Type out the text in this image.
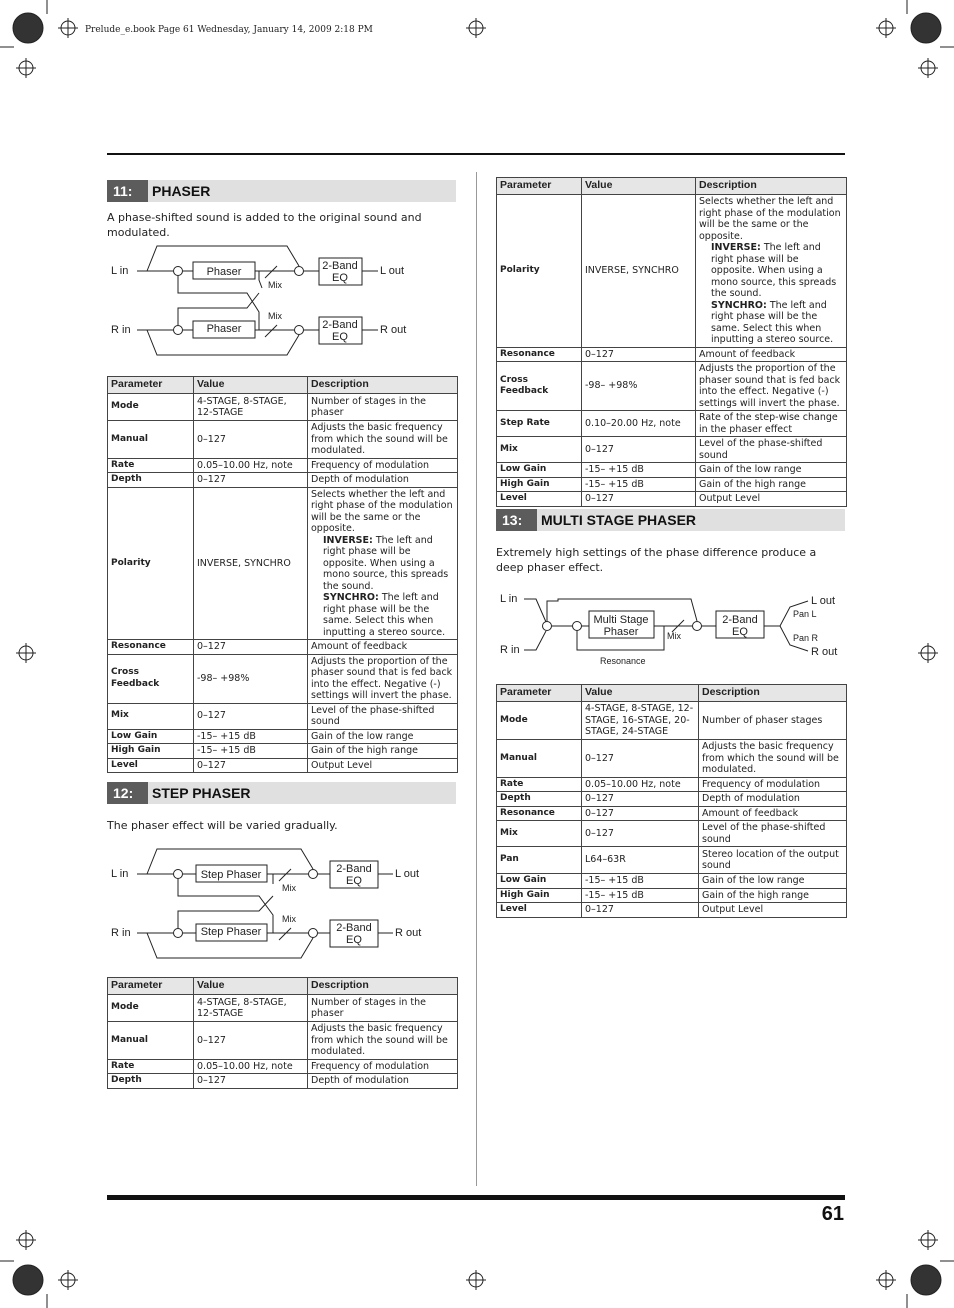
Prelude_e.book Page 61 Wednesday, January 14, 2009 2:18 PM
11:	PHASER
A phase-shifted sound is added to the original sound and modulated.
L in
R in
L out
R out
Phaser
Phaser
2-Band
EQ
2-Band
EQ
Mix
Mix
Parameter	Value	Description
Mode	4-STAGE, 8-STAGE, 12-STAGE	Number of stages in the phaser
Manual	0–127	Adjusts the basic frequency from which the sound will be modulated.
Rate	0.05–10.00 Hz, note	Frequency of modulation
Depth	0–127	Depth of modulation
Polarity	INVERSE, SYNCHRO	Selects whether the left and right phase of the modulation will be the same or the opposite.
INVERSE: The left and right phase will be opposite. When using a mono source, this spreads the sound.
SYNCHRO: The left and right phase will be the same. Select this when inputting a stereo source.

Resonance	0–127	Amount of feedback
Cross Feedback	-98– +98%	Adjusts the proportion of the phaser sound that is fed back into the effect. Negative (-) settings will invert the phase.
Mix	0–127	Level of the phase-shifted sound
Low Gain	-15– +15 dB	Gain of the low range
High Gain	-15– +15 dB	Gain of the high range
Level	0–127	Output Level
12:	STEP PHASER
The phaser effect will be varied gradually.
L in
R in
L out
R out
Step Phaser
Step Phaser
2-Band
EQ
2-Band
EQ
Mix
Mix
Parameter	Value	Description
Mode	4-STAGE, 8-STAGE, 12-STAGE	Number of stages in the phaser
Manual	0–127	Adjusts the basic frequency from which the sound will be modulated.
Rate	0.05–10.00 Hz, note	Frequency of modulation
Depth	0–127	Depth of modulation
Parameter	Value	Description
Polarity	INVERSE, SYNCHRO	Selects whether the left and right phase of the modulation will be the same or the opposite.
INVERSE: The left and right phase will be opposite. When using a mono source, this spreads the sound.
SYNCHRO: The left and right phase will be the same. Select this when inputting a stereo source.

Resonance	0–127	Amount of feedback
Cross Feedback	-98– +98%	Adjusts the proportion of the phaser sound that is fed back into the effect. Negative (-) settings will invert the phase.
Step Rate	0.10–20.00 Hz, note	Rate of the step-wise change in the phaser effect
Mix	0–127	Level of the phase-shifted sound
Low Gain	-15– +15 dB	Gain of the low range
High Gain	-15– +15 dB	Gain of the high range
Level	0–127	Output Level
13:	MULTI STAGE PHASER
Extremely high settings of the phase difference produce a deep phaser effect.
L in
R in
L out
R out
Multi Stage
Phaser
2-Band
EQ
Mix
Pan L
Pan R
Resonance
Parameter	Value	Description
Mode	4-STAGE, 8-STAGE, 12-STAGE, 16-STAGE, 20-STAGE, 24-STAGE	Number of phaser stages
Manual	0–127	Adjusts the basic frequency from which the sound will be modulated.
Rate	0.05–10.00 Hz, note	Frequency of modulation
Depth	0–127	Depth of modulation
Resonance	0–127	Amount of feedback
Mix	0–127	Level of the phase-shifted sound
Pan	L64–63R	Stereo location of the output sound
Low Gain	-15– +15 dB	Gain of the low range
High Gain	-15– +15 dB	Gain of the high range
Level	0–127	Output Level
61
